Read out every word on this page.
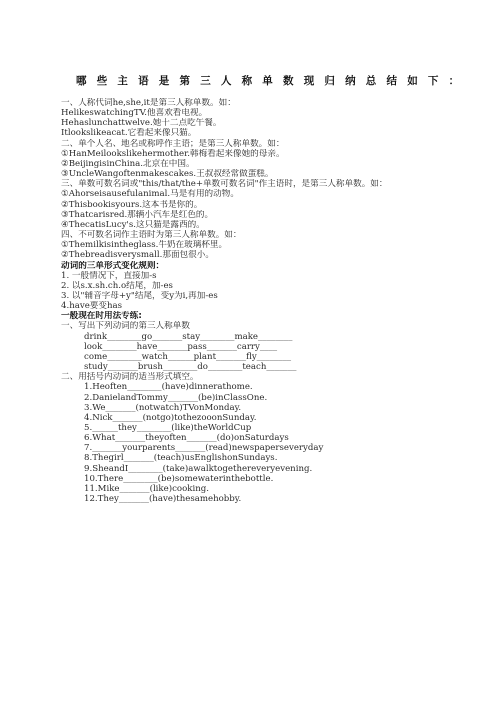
哪些主语是第三人称单数现归纳总结如下：
一、人称代词he,she,it是第三人称单数。如：
HelikeswatchingTV.他喜欢看电视。
Hehaslunchattwelve.她十二点吃午餐。
Itlookslikeacat.它看起来像只猫。
二、单个人名、地名或称呼作主语；是第三人称单数。如：
①HanMeilookslikehermother.韩梅看起来像她的母亲。
②BeijingisinChina.北京在中国。
③UncleWangoftenmakescakes.王叔叔经常做蛋糕。
三、单数可数名词或"this/that/the+单数可数名词"作主语时，是第三人称单数。如：
①Ahorseisausefulanimal.马是有用的动物。
②Thisbookisyours.这本书是你的。
③Thatcarisred.那辆小汽车是红色的。
④ThecatisLucy's.这只猫是露西的。
四、不可数名词作主语时为第三人称单数。如：
①Themilkisintheglass.牛奶在玻璃杯里。
②Thebreadisverysmall.那面包很小。
动词的三单形式变化规则：
1. 一般情况下，直接加-s
2. 以s.x.sh.ch.o结尾，加-es
3. 以"辅音字母+y"结尾，变y为i,再加-es
4.have要变has
一般现在时用法专练:
一、写出下列动词的第三人称单数
drink________go_______stay________make________
look________have_______pass_______carry____
come________watch______plant_______fly________
study_______brush________do________teach_______
二、用括号内动词的适当形式填空。
1.Heoften________(have)dinnerathome.
2.DanielandTommy_______(be)inClassOne.
3.We_______(notwatch)TVonMonday.
4.Nick_______(notgo)tothezooonSunday.
5.______they________(like)theWorldCup
6.What_______theyoften_______(do)onSaturdays
7._______yourparents_______(read)newspaperseveryday
8.Thegirl_______(teach)usEnglishonSundays.
9.SheandI________(take)awalktogethereveryevening.
10.There________(be)somewaterinthebottle.
11.Mike_______(like)cooking.
12.They_______(have)thesamehobby.
